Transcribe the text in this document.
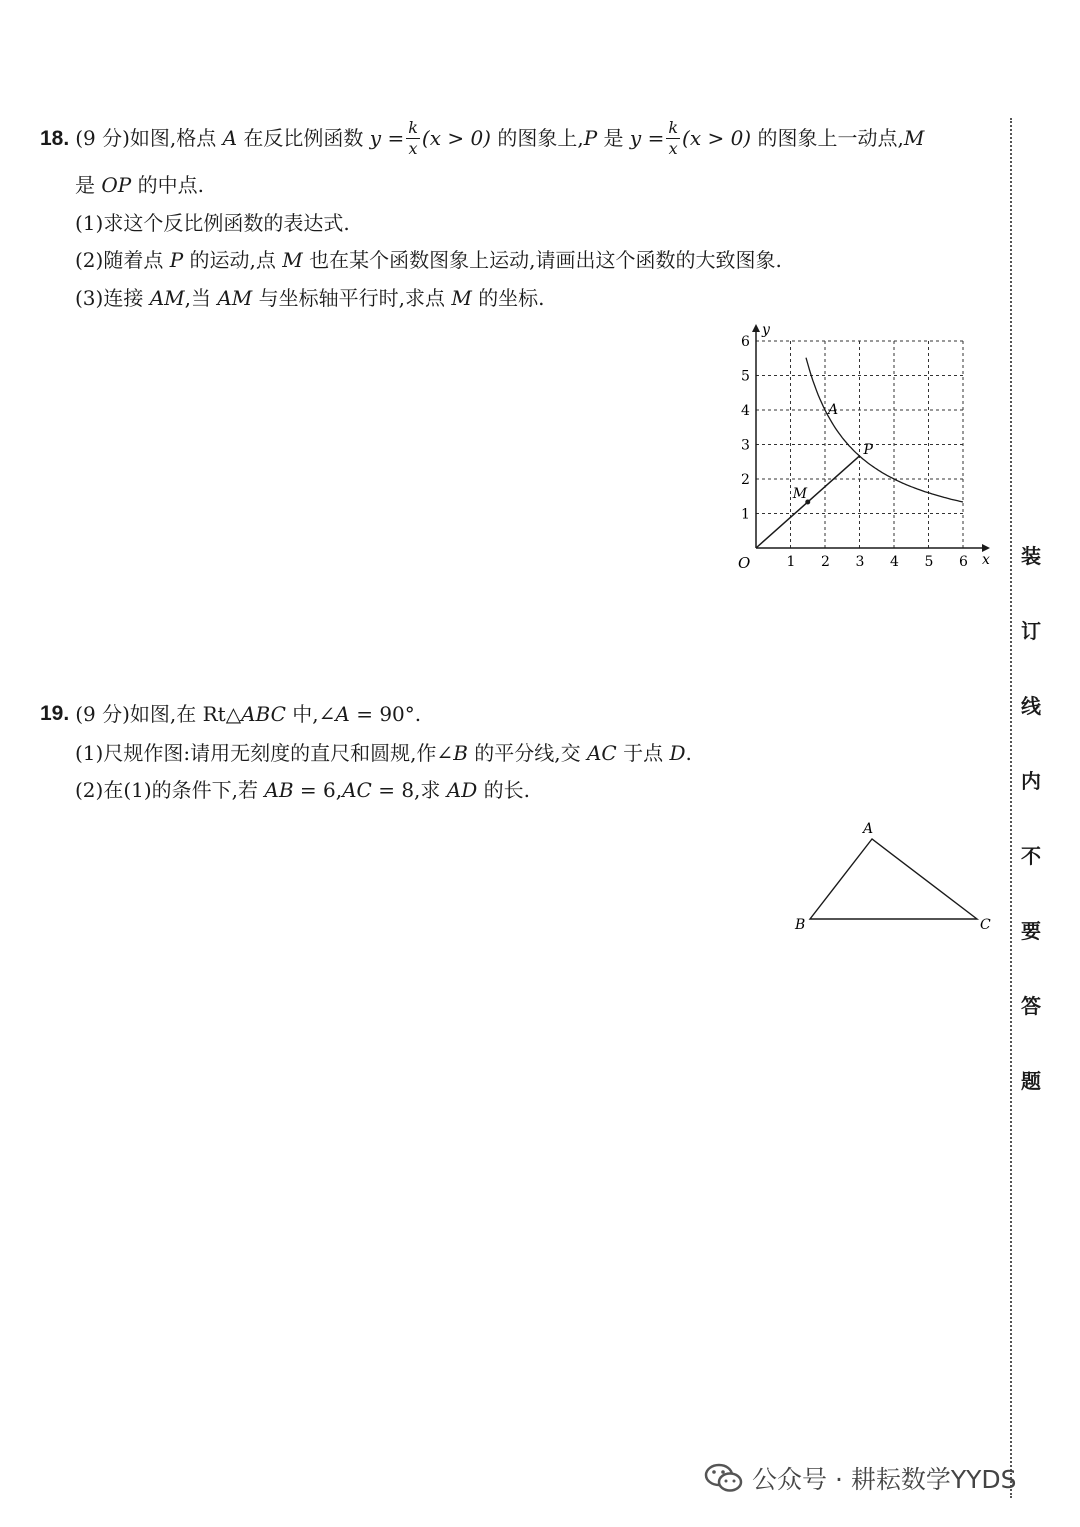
18. (9 分) 如图,格点
A
在反比例函数
$y = \frac{k}{x} (x > 0)$
的图象上, P
是
$y = \frac{k}{x} (x > 0)$
的图象上一动点, M
是 OP 的中点.
(1)求这个反比例函数的表达式.
(2)随着点 P 的运动,点 M 也在某个函数图象上运动,请画出这个函数的大致图象.
(3)连接 AM,当 AM 与坐标轴平行时,求点 M 的坐标.
y
x
O	1 2 3 4 5 6
1
2
3
4
5
6
A
P
M
19. (9 分) 如图,在 Rt△ ABC
中,∠ A
= 90°.
(1)尺规作图:请用无刻度的直尺和圆规,作∠B 的平分线,交 AC 于点 D.
(2)在(1)的条件下,若 AB = 6,AC = 8,求 AD 的长.
A
B	C
装
订
线
内
不
要
答
题
公众号 · 耕耘数学YYDS
